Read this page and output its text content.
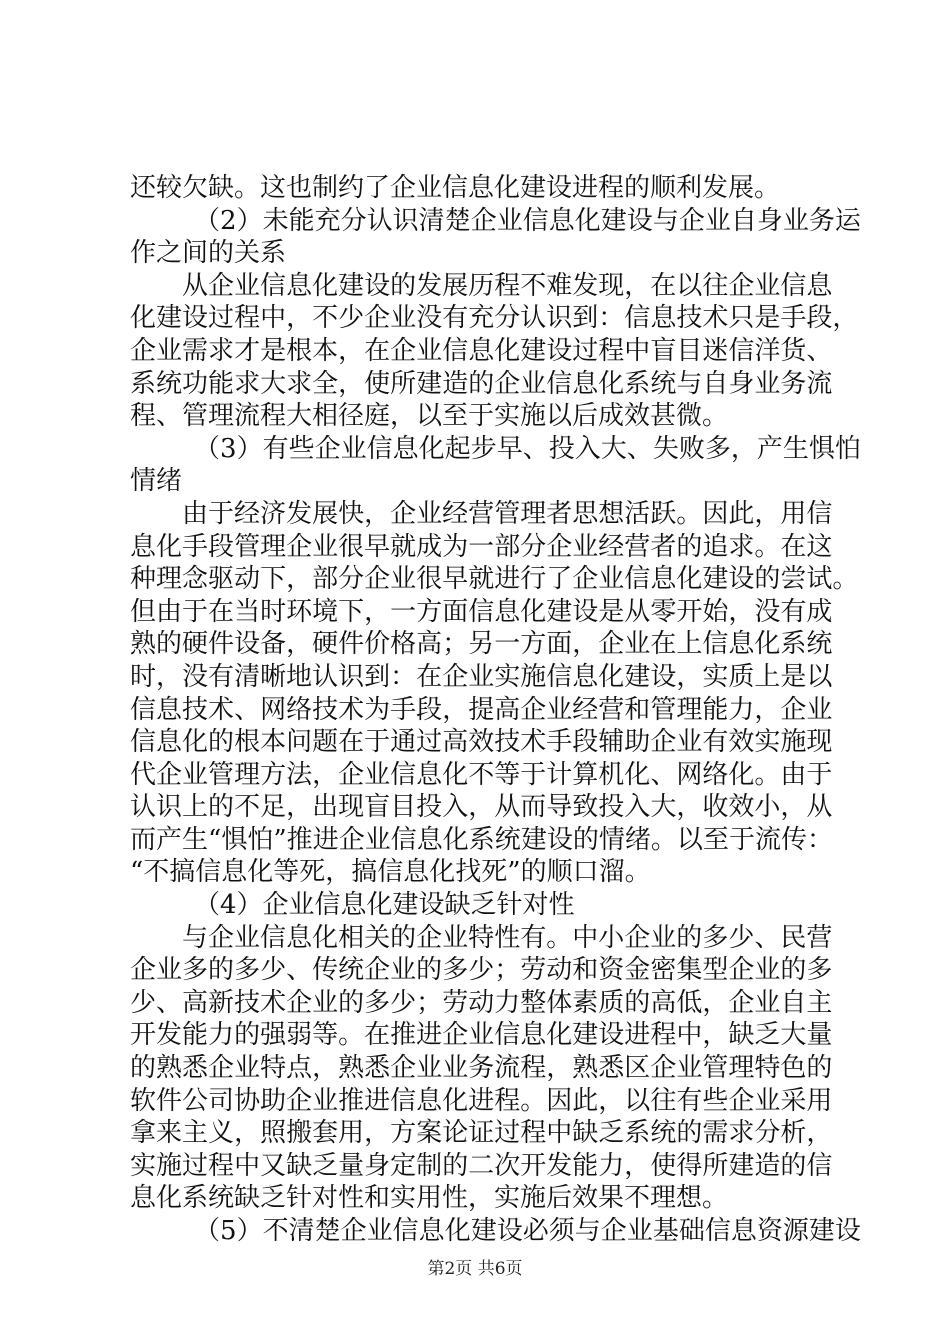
还较欠缺。这也制约了企业信息化建设进程的顺利发展。
（ 2 ） 未 能 充 分 认 识 清 楚 企 业 信 息 化 建 设 与 企 业 自 身 业 务 运
作之间的关系
从 企 业 信 息 化 建 设 的 发 展 历 程 不 难 发 现 ， 在 以 往 企 业 信 息
化 建 设 过 程 中 ， 不 少 企 业 没 有 充 分 认 识 到 ： 信 息 技 术 只 是 手 段 ，
企 业 需 求 才 是 根 本 ， 在 企 业 信 息 化 建 设 过 程 中 盲 目 迷 信 洋 货 、
系 统 功 能 求 大 求 全 ， 使 所 建 造 的 企 业 信 息 化 系 统 与 自 身 业 务 流
程、管理流程大相径庭，以至于实施以后成效甚微。
（ 3 ） 有 些 企 业 信 息 化 起 步 早 、 投 入 大 、 失 败 多 ， 产 生 惧 怕
情绪
由 于 经 济 发 展 快 ， 企 业 经 营 管 理 者 思 想 活 跃 。 因 此 ， 用 信
息 化 手 段 管 理 企 业 很 早 就 成 为 一 部 分 企 业 经 营 者 的 追 求 。 在 这
种 理 念 驱 动 下 ， 部 分 企 业 很 早 就 进 行 了 企 业 信 息 化 建 设 的 尝 试 。
但 由 于 在 当 时 环 境 下 ， 一 方 面 信 息 化 建 设 是 从 零 开 始 ， 没 有 成
熟 的 硬 件 设 备 ， 硬 件 价 格 高 ； 另 一 方 面 ， 企 业 在 上 信 息 化 系 统
时 ， 没 有 清 晰 地 认 识 到 ： 在 企 业 实 施 信 息 化 建 设 ， 实 质 上 是 以
信 息 技 术 、 网 络 技 术 为 手 段 ， 提 高 企 业 经 营 和 管 理 能 力 ， 企 业
信 息 化 的 根 本 问 题 在 于 通 过 高 效 技 术 手 段 辅 助 企 业 有 效 实 施 现
代 企 业 管 理 方 法 ， 企 业 信 息 化 不 等 于 计 算 机 化 、 网 络 化 。 由 于
认 识 上 的 不 足 ， 出 现 盲 目 投 入 ， 从 而 导 致 投 入 大 ， 收 效 小 ， 从
而 产 生 “ 惧 怕 ” 推 进 企 业 信 息 化 系 统 建 设 的 情 绪 。 以 至 于 流 传 ：
“不搞信息化等死，搞信息化找死”的顺口溜。
（4）企业信息化建设缺乏针对性
与 企 业 信 息 化 相 关 的 企 业 特 性 有 。 中 小 企 业 的 多 少 、 民 营
企 业 多 的 多 少 、 传 统 企 业 的 多 少 ； 劳 动 和 资 金 密 集 型 企 业 的 多
少 、 高 新 技 术 企 业 的 多 少 ； 劳 动 力 整 体 素 质 的 高 低 ， 企 业 自 主
开 发 能 力 的 强 弱 等 。 在 推 进 企 业 信 息 化 建 设 进 程 中 ， 缺 乏 大 量
的 熟 悉 企 业 特 点 ， 熟 悉 企 业 业 务 流 程 ， 熟 悉 区 企 业 管 理 特 色 的
软 件 公 司 协 助 企 业 推 进 信 息 化 进 程 。 因 此 ， 以 往 有 些 企 业 采 用
拿 来 主 义 ， 照 搬 套 用 ， 方 案 论 证 过 程 中 缺 乏 系 统 的 需 求 分 析 ，
实 施 过 程 中 又 缺 乏 量 身 定 制 的 二 次 开 发 能 力 ， 使 得 所 建 造 的 信
息化系统缺乏针对性和实用性，实施后效果不理想。
（ 5 ） 不 清 楚 企 业 信 息 化 建 设 必 须 与 企 业 基 础 信 息 资 源 建 设
第2页 共6页
